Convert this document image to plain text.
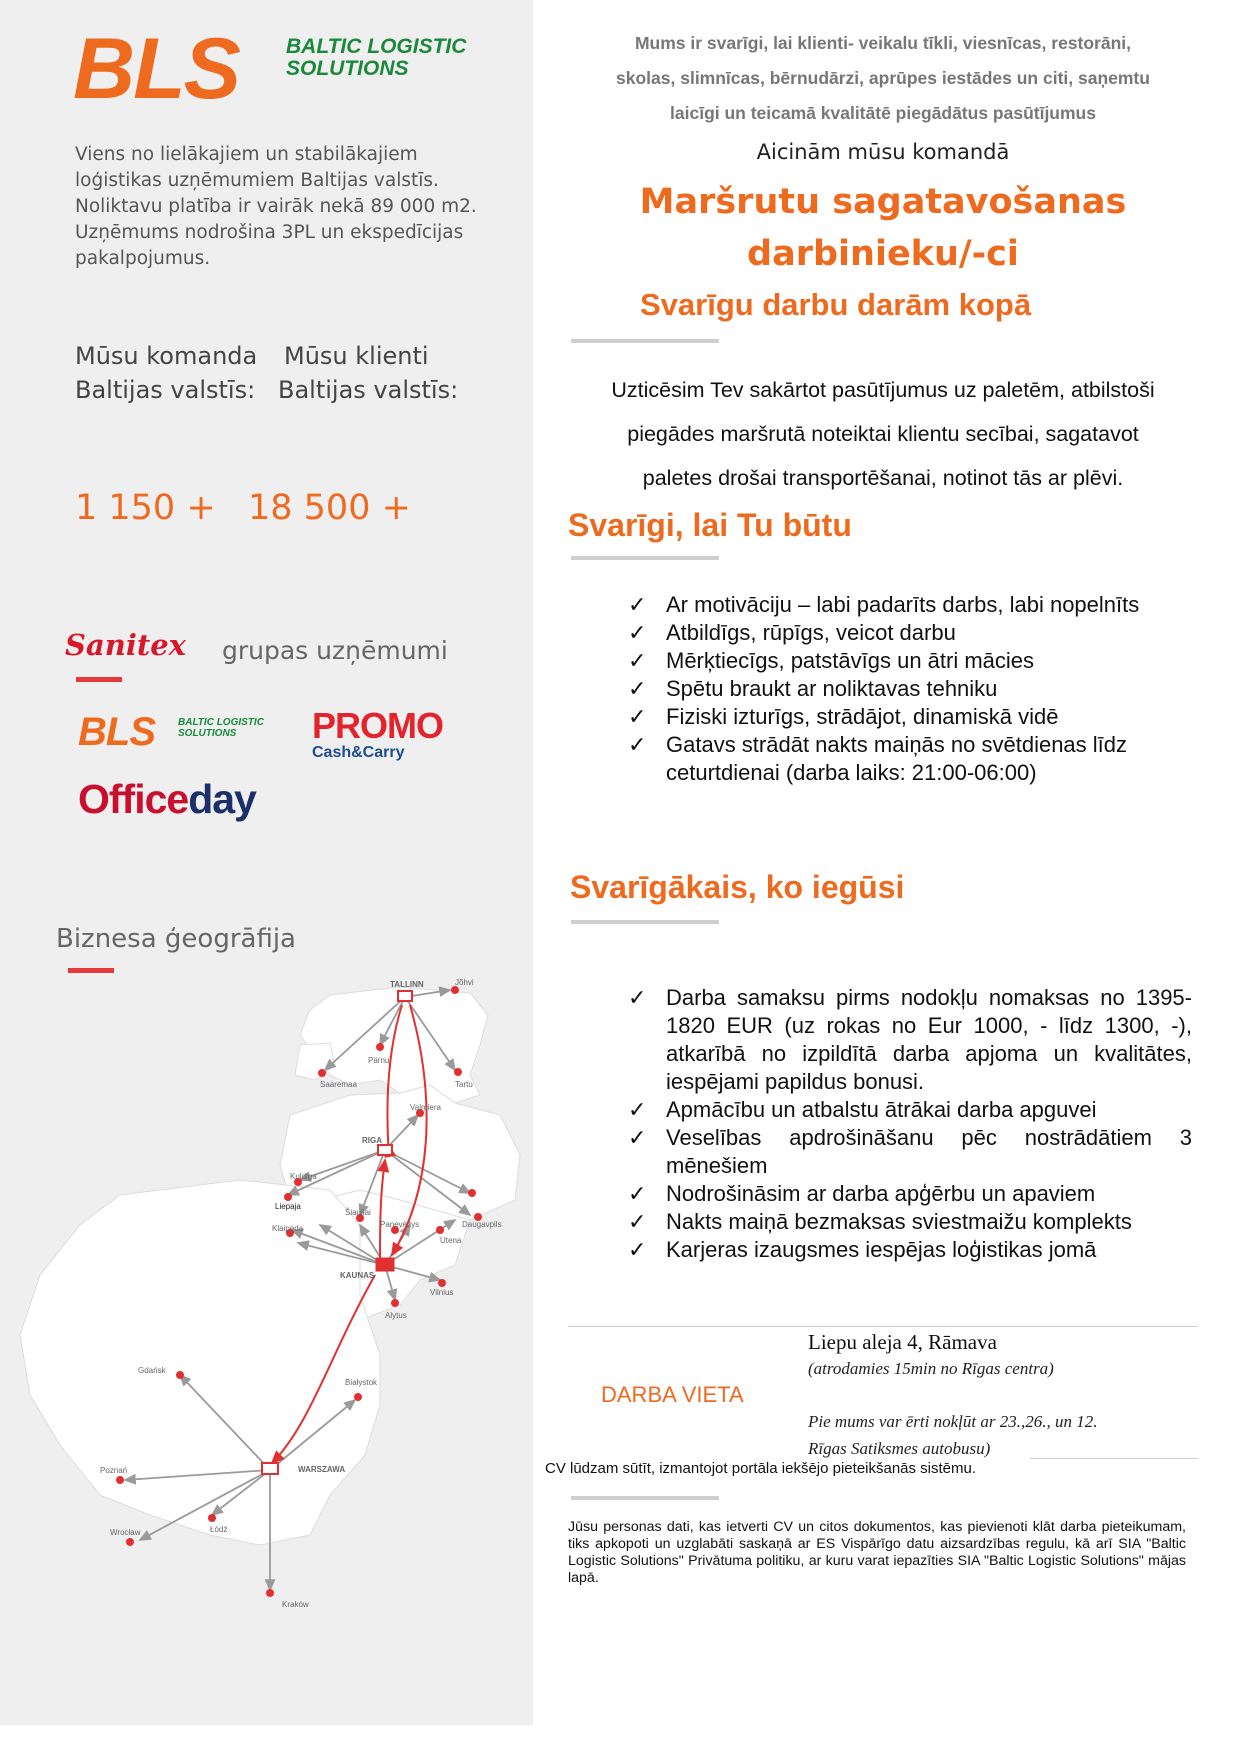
BLS BALTIC LOGISTIC
SOLUTIONS
Viens no lielākajiem un stabilākajiem
loģistikas uzņēmumiem Baltijas valstīs.
Noliktavu platība ir vairāk nekā 89 000 m2.
Uzņēmums nodrošina 3PL un ekspedīcijas
pakalpojumus.
Mūsu komanda
Baltijas valstīs:
Mūsu klienti
Baltijas valstīs:
1 150 + 18 500 +
Sanitex grupas uzņēmumi
BLS BALTIC LOGISTIC
SOLUTIONS PROMO
Cash&Carry
Officeday
Biznesa ģeogrāfija
TALLINN	Jõhvi
Pärnu
Tartu
Saaremaa
Valmiera
RIGA
Kuldiga
Liepaja
Daugavpils
Šiauliai
Panevėžys
Utena
Klaipėda
KAUNAS
Vilnius
Alytus
Gdańsk
Białystok
Poznań	WARSZAWA
Wrocław	Łódź
Kraków
Mums ir svarīgi, lai klienti- veikalu tīkli, viesnīcas, restorāni,
skolas, slimnīcas, bērnudārzi, aprūpes iestādes un citi, saņemtu
laicīgi un teicamā kvalitātē piegādātus pasūtījumus
Aicinām mūsu komandā
Maršrutu sagatavošanas
darbinieku/-ci
Svarīgu darbu darām kopā
Uzticēsim Tev sakārtot pasūtījumus uz paletēm, atbilstoši
piegādes maršrutā noteiktai klientu secībai, sagatavot
paletes drošai transportēšanai, notinot tās ar plēvi.
Svarīgi, lai Tu būtu
✓ Ar motivāciju – labi padarīts darbs, labi nopelnīts
✓ Atbildīgs, rūpīgs, veicot darbu
✓ Mērķtiecīgs, patstāvīgs un ātri mācies
✓ Spētu braukt ar noliktavas tehniku
✓ Fiziski izturīgs, strādājot, dinamiskā vidē
✓ Gatavs strādāt nakts maiņās no svētdienas līdz ceturtdienai (darba laiks: 21:00-06:00)
Svarīgākais, ko iegūsi
✓ Darba samaksu pirms nodokļu nomaksas no 1395-1820 EUR (uz rokas no Eur 1000, - līdz 1300, -), atkarībā no izpildītā darba apjoma un kvalitātes, iespējami papildus bonusi.
✓ Apmācību un atbalstu ātrākai darba apguvei
✓ Veselības apdrošināšanu pēc nostrādātiem 3 mēnešiem
✓ Nodrošināsim ar darba apģērbu un apaviem
✓ Nakts maiņā bezmaksas sviestmaižu komplekts
✓ Karjeras izaugsmes iespējas loģistikas jomā
DARBA VIETA
Liepu aleja 4, Rāmava
(atrodamies 15min no Rīgas centra)
Pie mums var ērti nokļūt ar 23.,26., un 12.
Rīgas Satiksmes autobusu)
CV lūdzam sūtīt, izmantojot portāla iekšējo pieteikšanās sistēmu.
Jūsu personas dati, kas ietverti CV un citos dokumentos, kas pievienoti klāt darba pieteikumam, tiks apkopoti un uzglabāti saskaņā ar ES Vispārīgo datu aizsardzības regulu, kā arī SIA "Baltic Logistic Solutions" Privātuma politiku, ar kuru varat iepazīties SIA "Baltic Logistic Solutions" mājas lapā.
